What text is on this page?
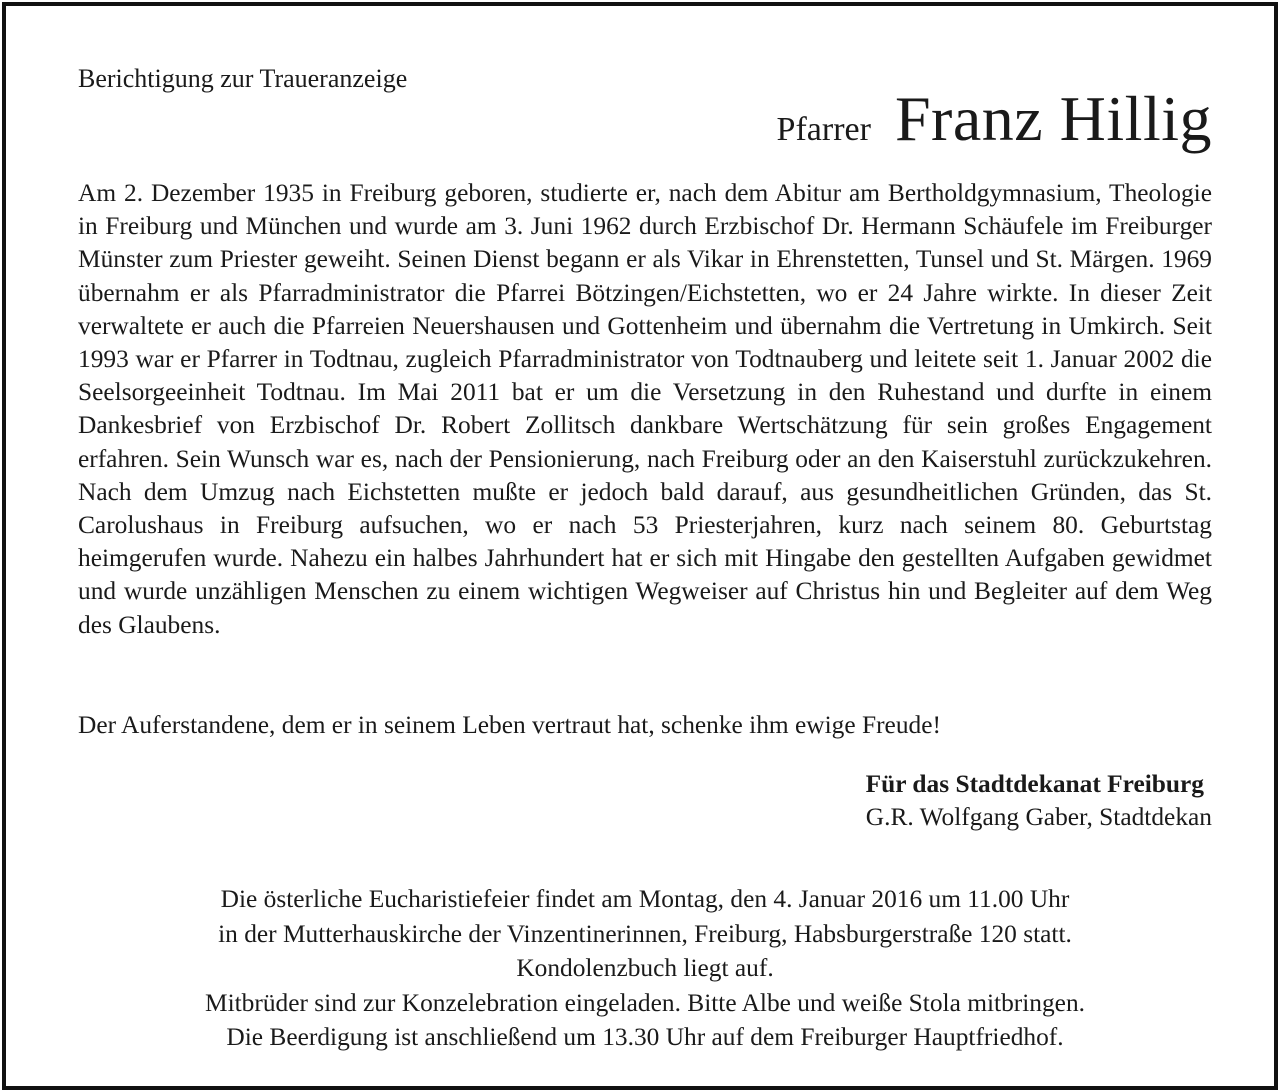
Berichtigung zur Traueranzeige
Pfarrer Franz Hillig

Am 2. Dezember 1935 in Freiburg geboren, studierte er, nach dem Abitur am Bertholdgymnasium, Theologie in Freiburg und München und wurde am 3. Juni 1962 durch Erzbischof Dr. Hermann Schäufele im Freiburger Münster zum Priester geweiht. Seinen Dienst begann er als Vikar in Ehrenstetten, Tunsel und St. Märgen. 1969 übernahm er als Pfarradministrator die Pfarrei Bötzingen/Eichstetten, wo er 24 Jahre wirkte. In dieser Zeit verwaltete er auch die Pfarreien Neuershausen und Gottenheim und übernahm die Vertretung in Umkirch. Seit 1993 war er Pfarrer in Todtnau, zugleich Pfarradministrator von Todtnauberg und leitete seit 1. Januar 2002 die Seelsorgeeinheit Todtnau. Im Mai 2011 bat er um die Versetzung in den Ruhestand und durfte in einem Dankesbrief von Erzbischof Dr. Robert Zollitsch dankbare Wertschätzung für sein großes Engagement erfahren. Sein Wunsch war es, nach der Pensionierung, nach Freiburg oder an den Kaiserstuhl zurückzukehren. Nach dem Umzug nach Eichstetten mußte er jedoch bald darauf, aus gesundheitlichen Gründen, das St. Carolushaus in Freiburg aufsuchen, wo er nach 53 Priesterjahren, kurz nach seinem 80. Geburtstag heimgerufen wurde. Nahezu ein halbes Jahrhundert hat er sich mit Hingabe den gestellten Aufgaben gewidmet und wurde unzähligen Menschen zu einem wichtigen Wegweiser auf Christus hin und Begleiter auf dem Weg des Glaubens.

Der Auferstandene, dem er in seinem Leben vertraut hat, schenke ihm ewige Freude!

Für das Stadtdekanat Freiburg
G.R. Wolfgang Gaber, Stadtdekan
Die österliche Eucharistiefeier findet am Montag, den 4. Januar 2016 um 11.00 Uhr
in der Mutterhauskirche der Vinzentinerinnen, Freiburg, Habsburgerstraße 120 statt.
Kondolenzbuch liegt auf.
Mitbrüder sind zur Konzelebration eingeladen. Bitte Albe und weiße Stola mitbringen.
Die Beerdigung ist anschließend um 13.30 Uhr auf dem Freiburger Hauptfriedhof.
